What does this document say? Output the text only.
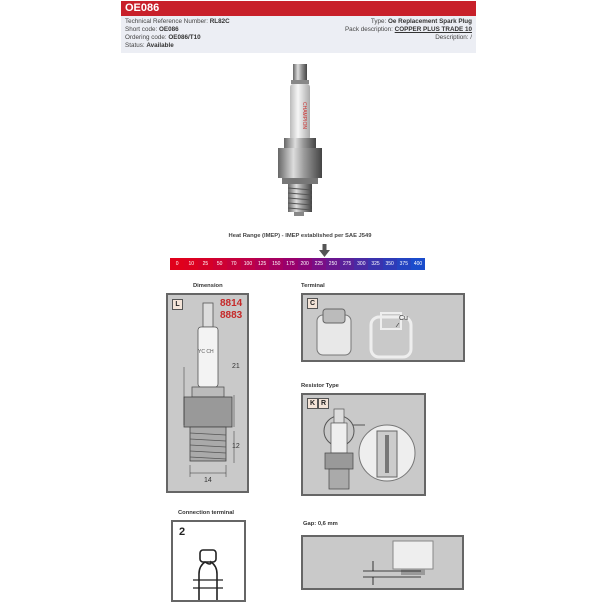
OE086
Technical Reference Number: RL82C
Short code: OE086
Ordering code: OE086/T10
Status: Available
Type: Oe Replacement Spark Plug
Pack description: COPPER PLUS TRADE 10
Description: /
CHAMPION
Heat Range (IMEP) - IMEP established per SAE J549
0	10	25	50	70	100	125	150	175	200	225	250	275	300	325	350	375	400
Dimension	Terminal
Resistor Type
Connection terminal
Gap: 0,6 mm
L	8814
8883
YC CH
21
12
14
C
Cu
K R
2
